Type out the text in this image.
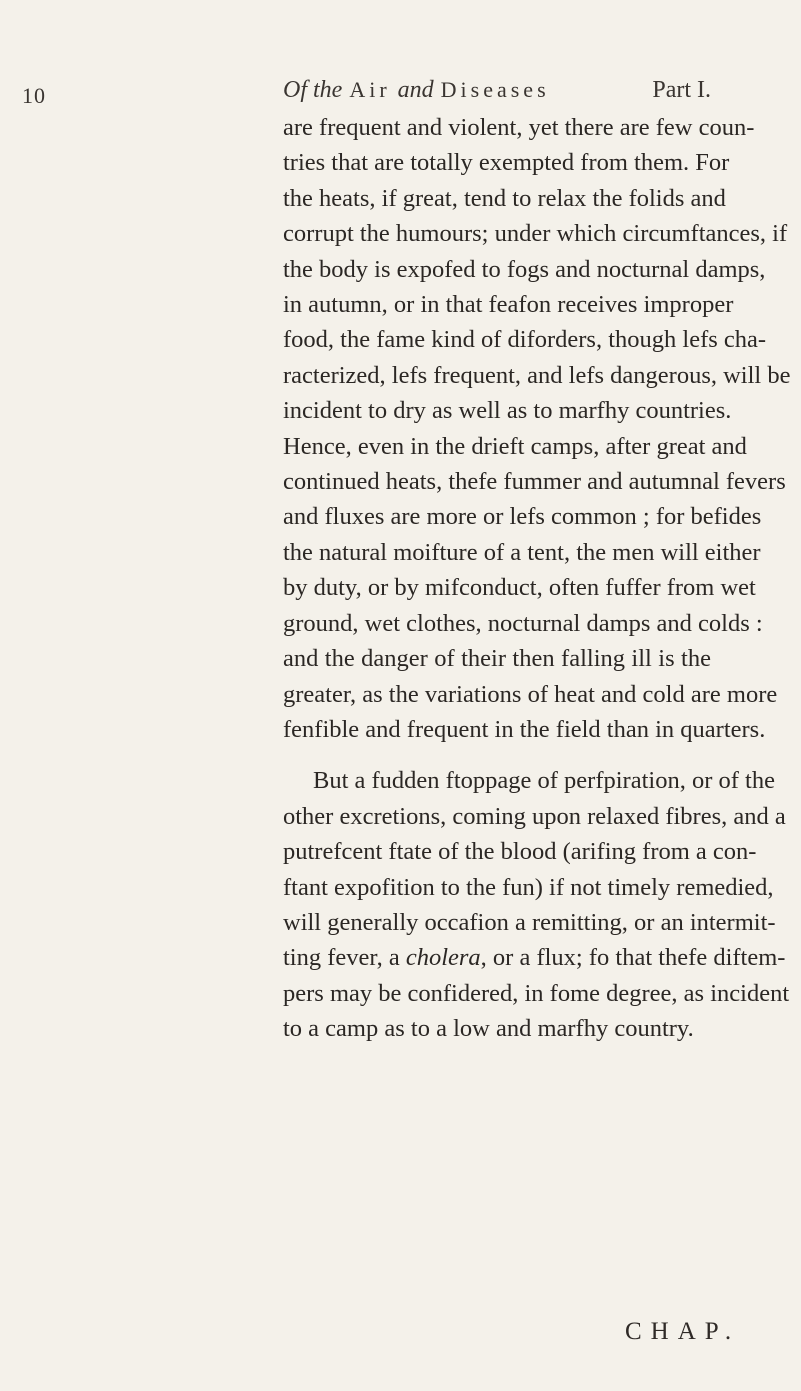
10	Of the Air and Diseases	Part I.
are frequent and violent, yet there are few coun-
tries that are totally exempted from them. For
the heats, if great, tend to relax the folids and
corrupt the humours; under which circumftances, if
the body is expofed to fogs and nocturnal damps,
in autumn, or in that feafon receives improper
food, the fame kind of diforders, though lefs cha-
racterized, lefs frequent, and lefs dangerous, will be
incident to dry as well as to marfhy countries.
Hence, even in the drieft camps, after great and
continued heats, thefe fummer and autumnal fevers
and fluxes are more or lefs common ; for befides
the natural moifture of a tent, the men will either
by duty, or by mifconduct, often fuffer from wet
ground, wet clothes, nocturnal damps and colds :
and the danger of their then falling ill is the
greater, as the variations of heat and cold are more
fenfible and frequent in the field than in quarters.
But a fudden ftoppage of perfpiration, or of the
other excretions, coming upon relaxed fibres, and a
putrefcent ftate of the blood (arifing from a con-
ftant expofition to the fun) if not timely remedied,
will generally occafion a remitting, or an intermit-
ting fever, a cholera, or a flux; fo that thefe diftem-
pers may be confidered, in fome degree, as incident
to a camp as to a low and marfhy country.
CHAP.
